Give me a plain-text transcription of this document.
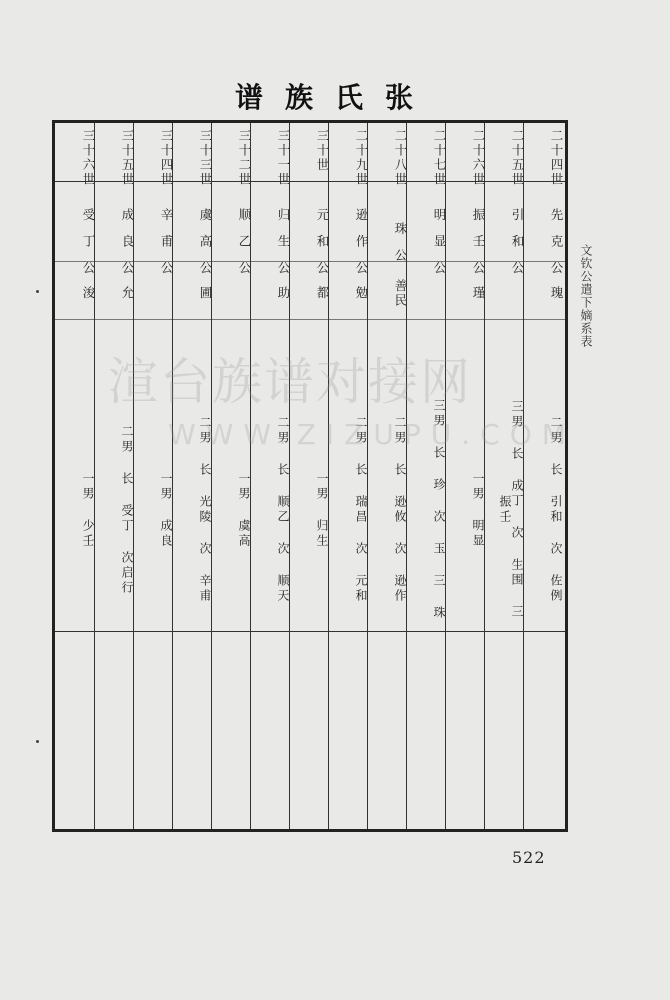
谱族氏张
三十六世
受丁公
浚
一男 少壬
三十五世
成良公
允
二男 长 受丁 次启行
三十四世
辛甫公
一男 成良
三十三世
虞高公
圃
二男 长 光陵 次 辛甫
三十二世
顺乙公
一男 虞高
三十一世
归生公
助
二男 长 顺乙 次 顺天
三十世
元和公
都
一男 归生
二十九世
逊作公
勉
二男 长 瑞昌 次 元和
二十八世
珠公
善民
二男 长 逊攸 次 逊作
二十七世
明显公
三男 长 珍 次 玉 三 珠
二十六世
振壬公
瑾
一男 明显
二十五世
引和公
三男 长 成丁 次 生围 三 振壬
二十四世
先克公
瑰
二男 长 引和 次 佐例
文钦公遣下嫡系表
522
渲台族谱对接网
WWW.ZIZUPU.COM
